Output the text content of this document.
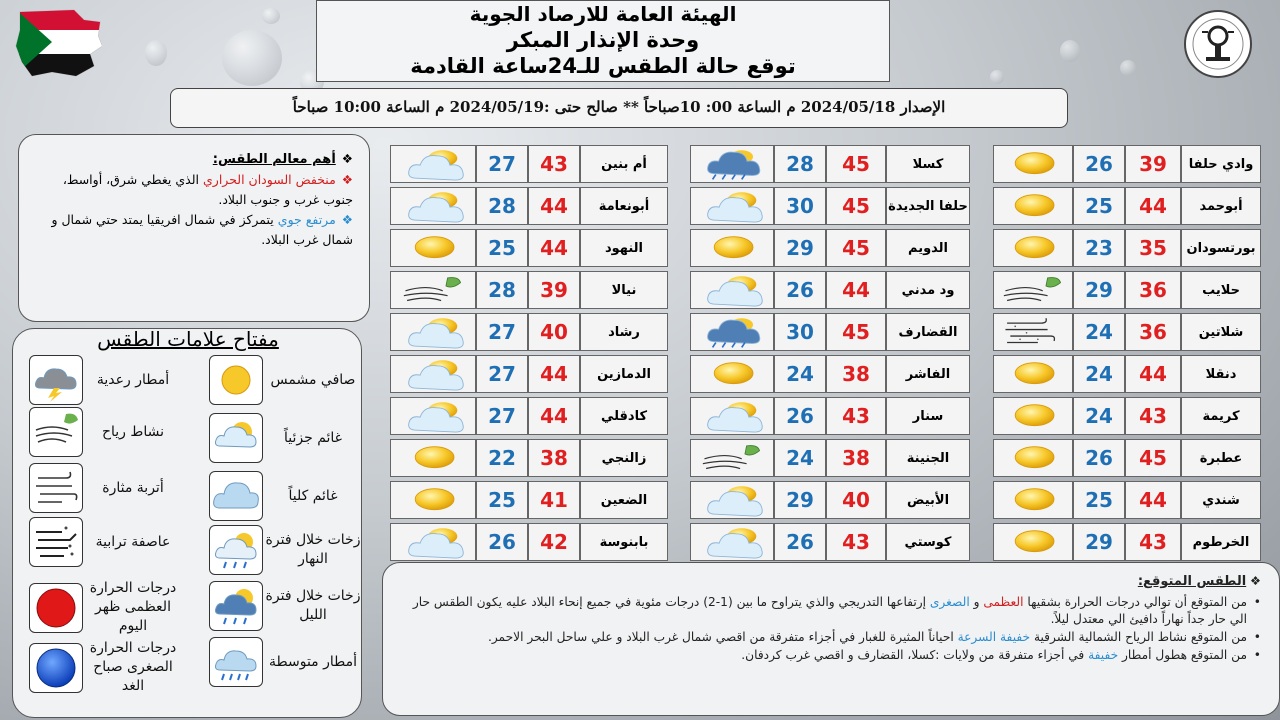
الهيئة العامة للارصاد الجوية
وحدة الإنذار المبكر
توقع حالة الطقس للـ24ساعة القادمة
الإصدار 2024/05/18 م الساعة 00: 10صباحاً ** صالح حتى :2024/05/19 م الساعة 10:00 صباحاً
❖أهم معالم الطقس:
❖منخفض السودان الحراري الذي يغطي شرق، أواسط، جنوب غرب و جنوب البلاد.
❖مرتفع جوي يتمركز في شمال افريقيا يمتد حتي شمال و شمال غرب البلاد.
مفتاح علامات الطقس
صافي مشمس
أمطار رعدية
غائم جزئياً
نشاط رياح
غائم كلياً
أتربة مثارة
زخات خلال فترة النهار
عاصفة ترابية
زخات خلال فترة الليل
درجات الحرارة العظمى ظهر اليوم
أمطار متوسطة
درجات الحرارة الصغرى صباح الغد
26	39	وادي حلفا
25	44	أبوحمد
23	35	بورتسودان
29	36	حلايب
24	36	شلاتين
24	44	دنقلا
24	43	كريمة
26	45	عطبرة
25	44	شندي
29	43	الخرطوم
28	45	كسلا
30	45	حلفا الجديدة
29	45	الدويم
26	44	ود مدني
30	45	القضارف
24	38	الفاشر
26	43	سنار
24	38	الجنينة
29	40	الأبيض
26	43	كوستي
27	43	أم بنين
28	44	أبونعامة
25	44	النهود
28	39	نيالا
27	40	رشاد
27	44	الدمازين
27	44	كادقلي
22	38	زالنجي
25	41	الضعين
26	42	بابنوسة
❖ الطقس المتوقع:
• من المتوقع أن توالي درجات الحرارة بشقيها العظمى و الصغرى إرتفاعها التدريجي والذي يتراوح ما بين (1-2) درجات مئوية في جميع إنحاء البلاد عليه يكون الطقس حار الي حار جداً نهاراً دافيئ الي معتدل ليلاً.
• من المتوقع نشاط الرياح الشمالية الشرقية خفيفة السرعة احياناً المثيرة للغبار في أجزاء متفرقة من اقصي شمال غرب البلاد و علي ساحل البحر الاحمر.
• من المتوقع هطول أمطار خفيفة في أجزاء متفرقة من ولايات :كسلا، القضارف و اقصي غرب كردفان.
